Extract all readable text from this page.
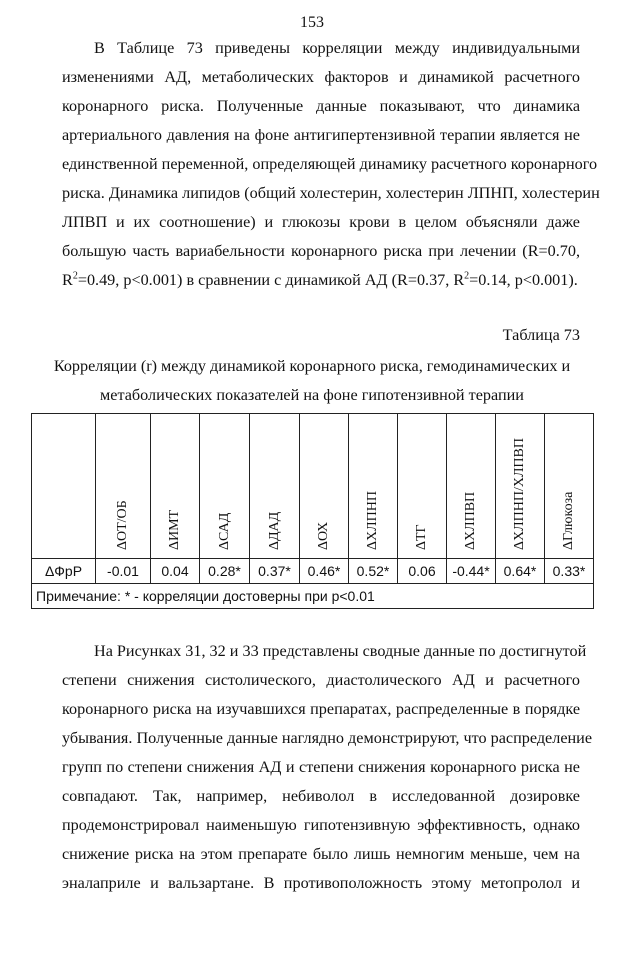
153
В Таблице 73 приведены корреляции между индивидуальными
изменениями АД, метаболических факторов и динамикой расчетного
коронарного риска. Полученные данные показывают, что динамика
артериального давления на фоне антигипертензивной терапии является не
единственной переменной, определяющей динамику расчетного коронарного
риска. Динамика липидов (общий холестерин, холестерин ЛПНП, холестерин
ЛПВП и их соотношение) и глюкозы крови в целом объясняли даже
большую часть вариабельности коронарного риска при лечении (R=0.70,
$R^2=0.49$, p<0.001) в сравнении с динамикой АД (R=0.37, $R^2=0.14$, p<0.001).
Таблица 73
Корреляции (r) между динамикой коронарного риска, гемодинамических и
метаболических показателей на фоне гипотензивной терапии

	ΔОТ/ОБ	ΔИМТ	ΔСАД	ΔДАД	ΔОХ	ΔХЛПНП	ΔТГ	ΔХЛПВП	ΔХЛПНП/ХЛПВП	ΔГлюкоза

ΔФрР	-0.01	0.04	0.28*	0.37*	0.46*	0.52*	0.06	-0.44*	0.64*	0.33*
Примечание: * - корреляции достоверны при p<0.01										
На Рисунках 31, 32 и 33 представлены сводные данные по достигнутой
степени снижения систолического, диастолического АД и расчетного
коронарного риска на изучавшихся препаратах, распределенные в порядке
убывания. Полученные данные наглядно демонстрируют, что распределение
групп по степени снижения АД и степени снижения коронарного риска не
совпадают. Так, например, небиволол в исследованной дозировке
продемонстрировал наименьшую гипотензивную эффективность, однако
снижение риска на этом препарате было лишь немногим меньше, чем на
эналаприле и вальзартане. В противоположность этому метопролол и
